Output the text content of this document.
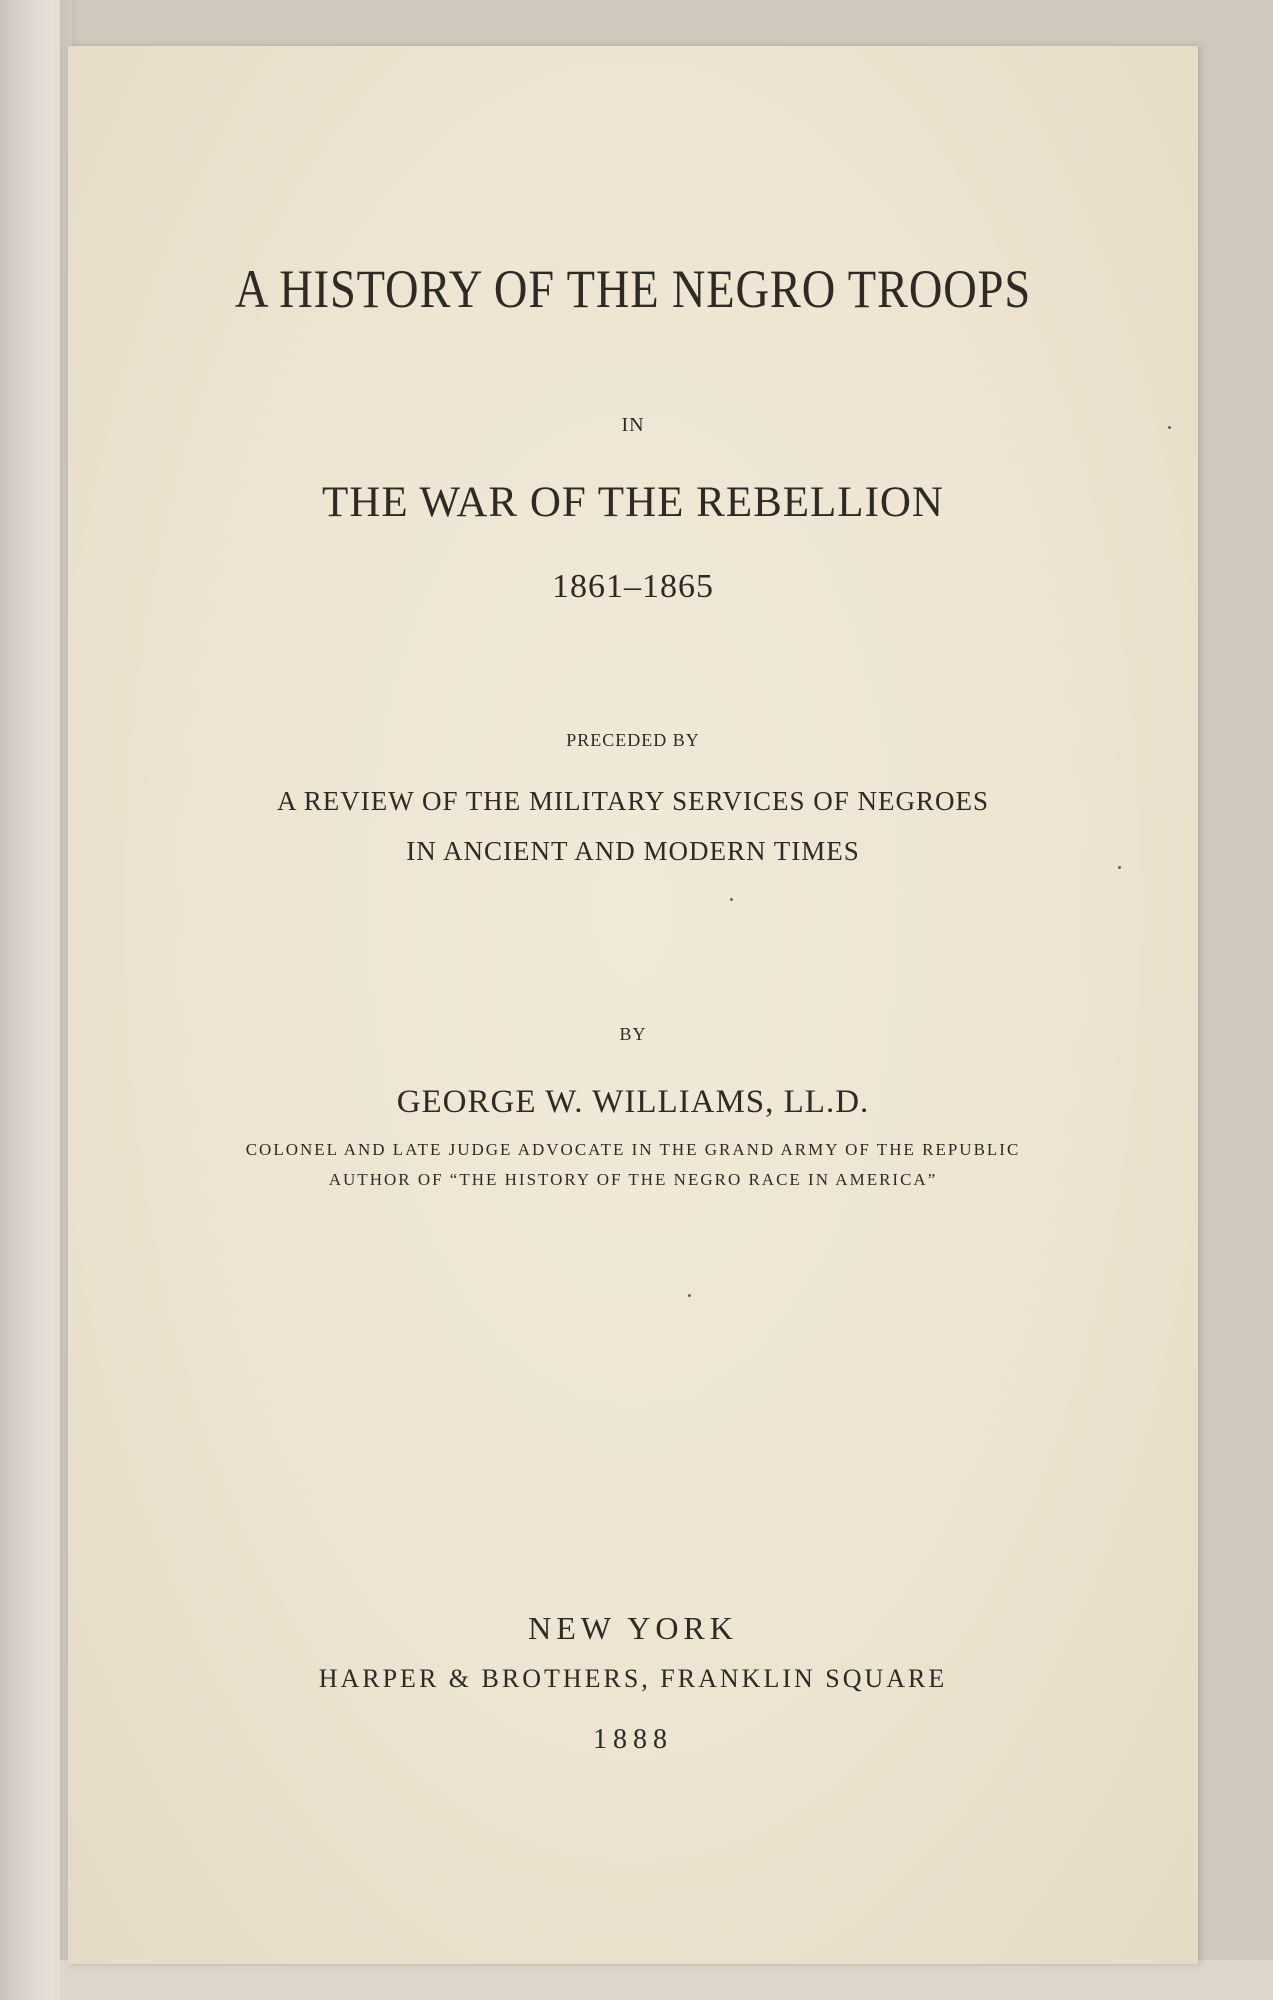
A HISTORY OF THE NEGRO TROOPS
IN
THE WAR OF THE REBELLION
1861–1865
PRECEDED BY
A REVIEW OF THE MILITARY SERVICES OF NEGROES
IN ANCIENT AND MODERN TIMES
BY
GEORGE W. WILLIAMS, LL.D.
COLONEL AND LATE JUDGE ADVOCATE IN THE GRAND ARMY OF THE REPUBLIC
AUTHOR OF “THE HISTORY OF THE NEGRO RACE IN AMERICA”
NEW YORK
HARPER & BROTHERS, FRANKLIN SQUARE
1888
